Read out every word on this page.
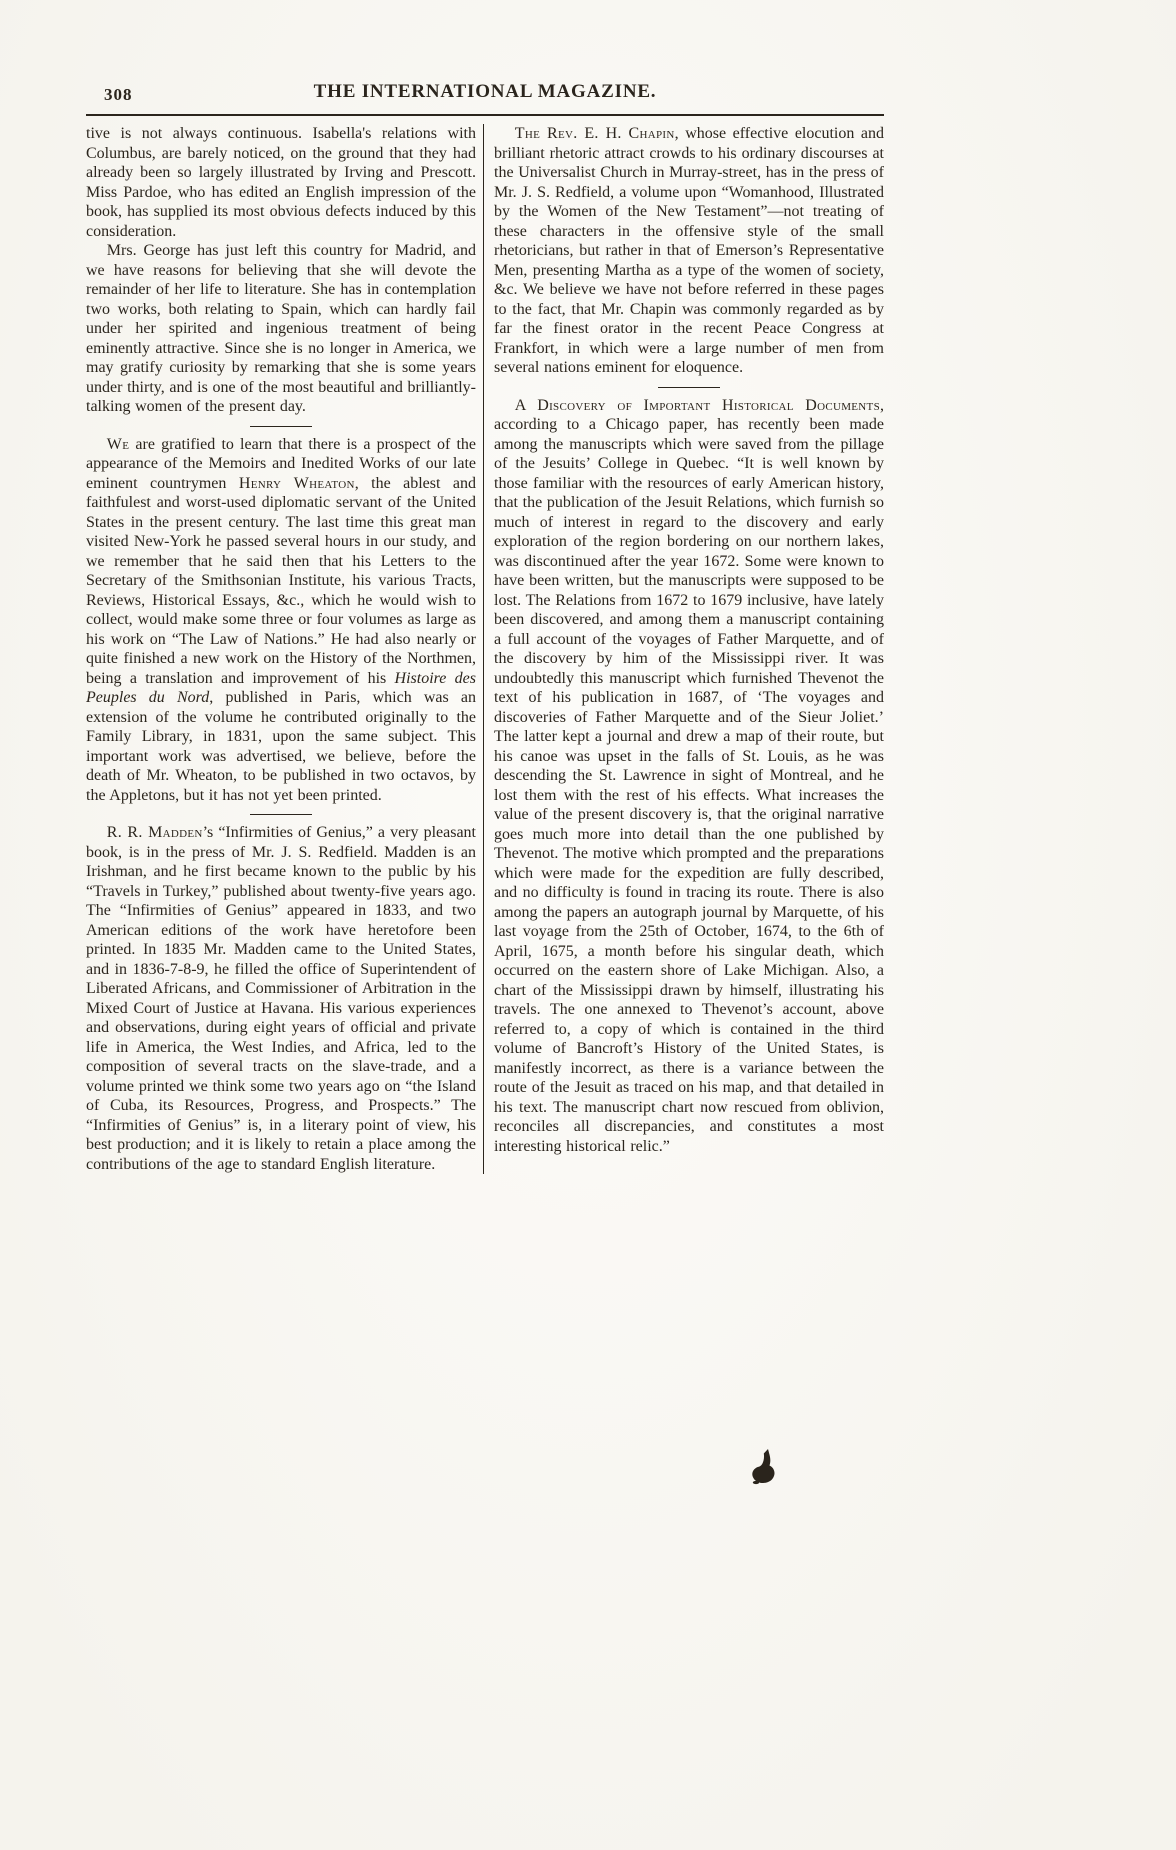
308	THE INTERNATIONAL MAGAZINE.

tive is not always continuous. Isabella's relations with Columbus, are barely noticed, on the ground that they had already been so largely illustrated by Irving and Prescott. Miss Pardoe, who has edited an English impression of the book, has supplied its most obvious defects induced by this consideration.

Mrs. George has just left this country for Madrid, and we have reasons for believing that she will devote the remainder of her life to literature. She has in contemplation two works, both relating to Spain, which can hardly fail under her spirited and ingenious treatment of being eminently attractive. Since she is no longer in America, we may gratify curiosity by remarking that she is some years under thirty, and is one of the most beautiful and brilliantly-talking women of the present day.

We are gratified to learn that there is a prospect of the appearance of the Memoirs and Inedited Works of our late eminent countrymen Henry Wheaton, the ablest and faithfulest and worst-used diplomatic servant of the United States in the present century. The last time this great man visited New-York he passed several hours in our study, and we remember that he said then that his Letters to the Secretary of the Smithsonian Institute, his various Tracts, Reviews, Historical Essays, &c., which he would wish to collect, would make some three or four volumes as large as his work on “The Law of Nations.” He had also nearly or quite finished a new work on the History of the Northmen, being a translation and improvement of his Histoire des Peuples du Nord, published in Paris, which was an extension of the volume he contributed originally to the Family Library, in 1831, upon the same subject. This important work was advertised, we believe, before the death of Mr. Wheaton, to be published in two octavos, by the Appletons, but it has not yet been printed.

R. R. Madden’s “Infirmities of Genius,” a very pleasant book, is in the press of Mr. J. S. Redfield. Madden is an Irishman, and he first became known to the public by his “Travels in Turkey,” published about twenty-five years ago. The “Infirmities of Genius” appeared in 1833, and two American editions of the work have heretofore been printed. In 1835 Mr. Madden came to the United States, and in 1836-7-8-9, he filled the office of Superintendent of Liberated Africans, and Commissioner of Arbitration in the Mixed Court of Justice at Havana. His various experiences and observations, during eight years of official and private life in America, the West Indies, and Africa, led to the composition of several tracts on the slave-trade, and a volume printed we think some two years ago on “the Island of Cuba, its Resources, Progress, and Prospects.” The “Infirmities of Genius” is, in a literary point of view, his best production; and it is likely to retain a place among the contributions of the age to standard English literature.

The Rev. E. H. Chapin, whose effective elocution and brilliant rhetoric attract crowds to his ordinary discourses at the Universalist Church in Murray-street, has in the press of Mr. J. S. Redfield, a volume upon “Womanhood, Illustrated by the Women of the New Testament”—not treating of these characters in the offensive style of the small rhetoricians, but rather in that of Emerson’s Representative Men, presenting Martha as a type of the women of society, &c. We believe we have not before referred in these pages to the fact, that Mr. Chapin was commonly regarded as by far the finest orator in the recent Peace Congress at Frankfort, in which were a large number of men from several nations eminent for eloquence.

A Discovery of Important Historical Documents, according to a Chicago paper, has recently been made among the manuscripts which were saved from the pillage of the Jesuits’ College in Quebec. “It is well known by those familiar with the resources of early American history, that the publication of the Jesuit Relations, which furnish so much of interest in regard to the discovery and early exploration of the region bordering on our northern lakes, was discontinued after the year 1672. Some were known to have been written, but the manuscripts were supposed to be lost. The Relations from 1672 to 1679 inclusive, have lately been discovered, and among them a manuscript containing a full account of the voyages of Father Marquette, and of the discovery by him of the Mississippi river. It was undoubtedly this manuscript which furnished Thevenot the text of his publication in 1687, of ‘The voyages and discoveries of Father Marquette and of the Sieur Joliet.’ The latter kept a journal and drew a map of their route, but his canoe was upset in the falls of St. Louis, as he was descending the St. Lawrence in sight of Montreal, and he lost them with the rest of his effects. What increases the value of the present discovery is, that the original narrative goes much more into detail than the one published by Thevenot. The motive which prompted and the preparations which were made for the expedition are fully described, and no difficulty is found in tracing its route. There is also among the papers an autograph journal by Marquette, of his last voyage from the 25th of October, 1674, to the 6th of April, 1675, a month before his singular death, which occurred on the eastern shore of Lake Michigan. Also, a chart of the Mississippi drawn by himself, illustrating his travels. The one annexed to Thevenot’s account, above referred to, a copy of which is contained in the third volume of Bancroft’s History of the United States, is manifestly incorrect, as there is a variance between the route of the Jesuit as traced on his map, and that detailed in his text. The manuscript chart now rescued from oblivion, reconciles all discrepancies, and constitutes a most interesting historical relic.”
